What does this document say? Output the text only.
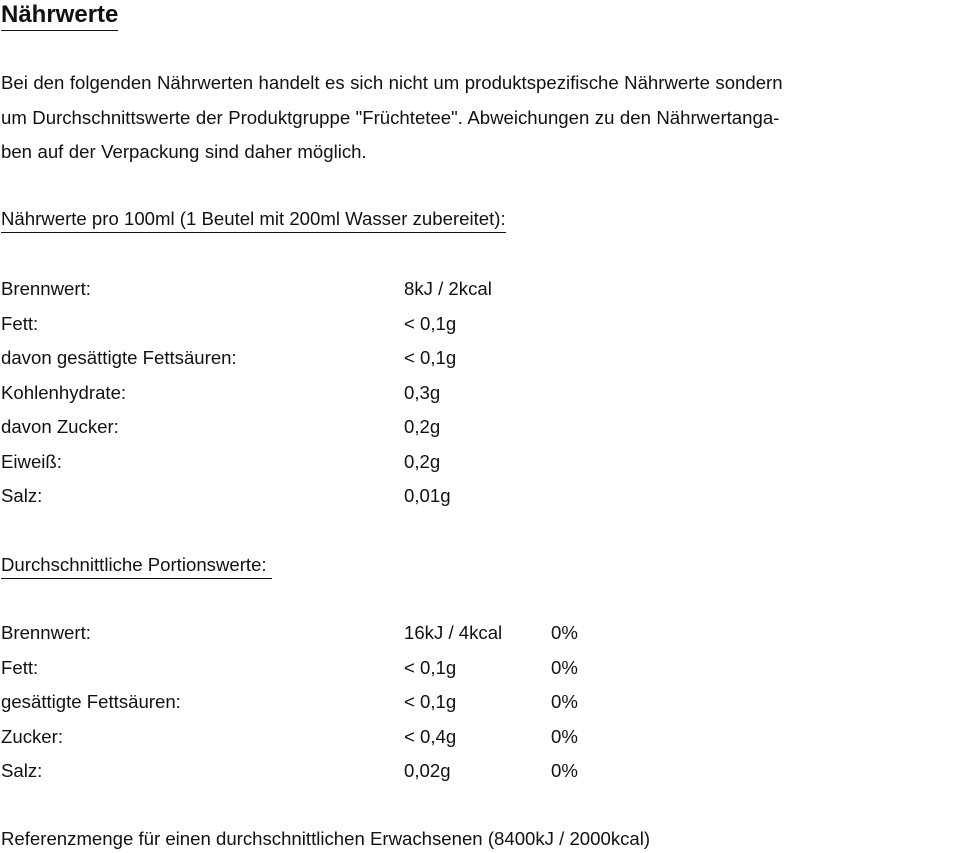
Nährwerte

Bei den folgenden Nährwerten handelt es sich nicht um produktspezifische Nährwerte sondern

um Durchschnittswerte der Produktgruppe "Früchtetee". Abweichungen zu den Nährwertanga-

ben auf der Verpackung sind daher möglich.

Nährwerte pro 100ml (1 Beutel mit 200ml Wasser zubereitet):
Brennwert:	8kJ / 2kcal
Fett:	< 0,1g
davon gesättigte Fettsäuren:	< 0,1g
Kohlenhydrate:	0,3g
davon Zucker:	0,2g
Eiweiß:	0,2g
Salz:	0,01g
Durchschnittliche Portionswerte:
Brennwert:	16kJ / 4kcal	0%
Fett:	< 0,1g	0%
gesättigte Fettsäuren:	< 0,1g	0%
Zucker:	< 0,4g	0%
Salz:	0,02g	0%

Referenzmenge für einen durchschnittlichen Erwachsenen (8400kJ / 2000kcal)
